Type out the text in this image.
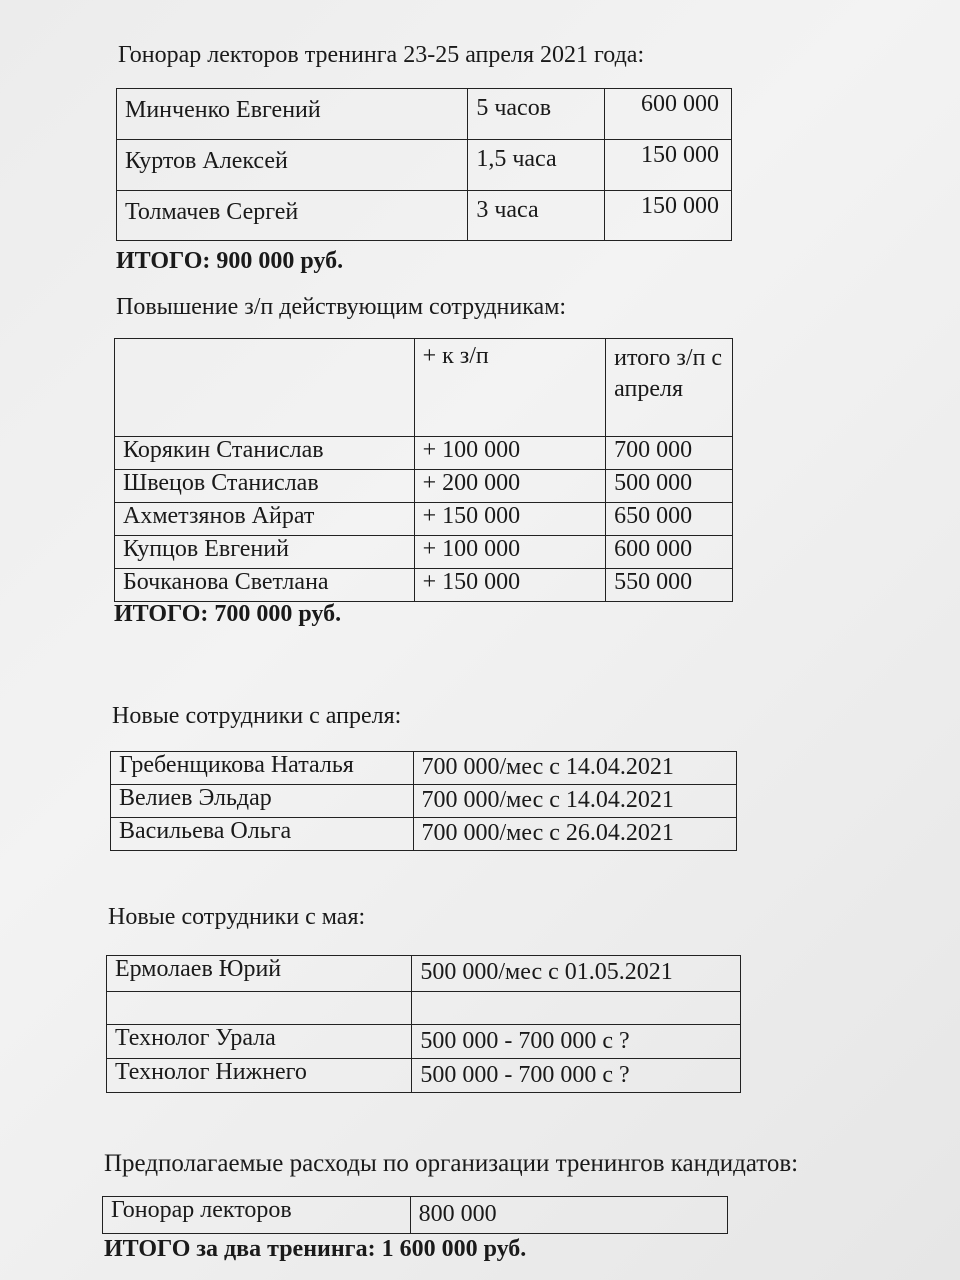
Гонорар лекторов тренинга 23-25 апреля 2021 года:
Минченко Евгений	5 часов	600 000
Куртов Алексей	1,5 часа	150 000
Толмачев Сергей	3 часа	150 000
ИТОГО: 900 000 руб.
Повышение з/п действующим сотрудникам:
	+ к з/п	итого з/п с апреля
Корякин Станислав	+ 100 000	700 000
Швецов Станислав	+ 200 000	500 000
Ахметзянов Айрат	+ 150 000	650 000
Купцов Евгений	+ 100 000	600 000
Бочканова Светлана	+ 150 000	550 000
ИТОГО: 700 000 руб.
Новые сотрудники с апреля:
Гребенщикова Наталья	700 000/мес с 14.04.2021
Велиев Эльдар	700 000/мес с 14.04.2021
Васильева Ольга	700 000/мес с 26.04.2021
Новые сотрудники с мая:
Ермолаев Юрий	500 000/мес с 01.05.2021

Технолог Урала	500 000 - 700 000 с ?
Технолог Нижнего	500 000 - 700 000 с ?
Предполагаемые расходы по организации тренингов кандидатов:
Гонорар лекторов	800 000
ИТОГО за два тренинга: 1 600 000 руб.
